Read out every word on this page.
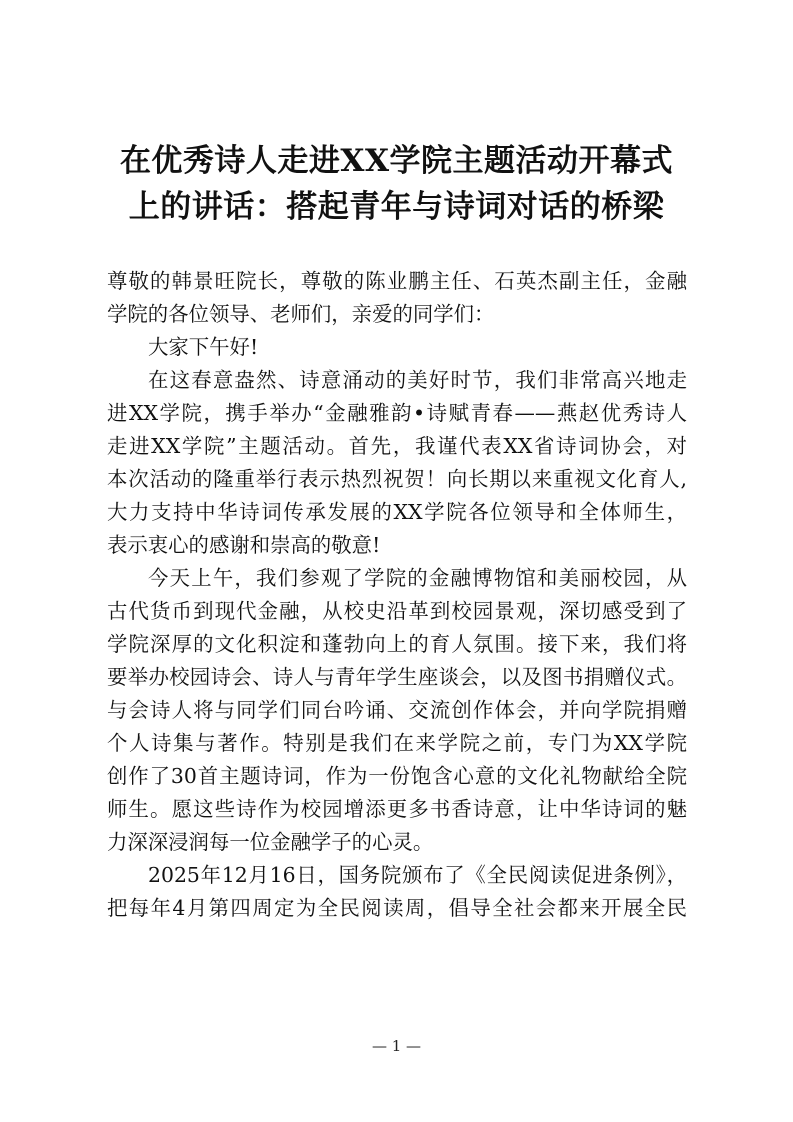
在优秀诗人走进XX学院主题活动开幕式
上的讲话：搭起青年与诗词对话的桥梁

尊敬的韩景旺院长，尊敬的陈业鹏主任、石英杰副主任，金融
学院的各位领导、老师们，亲爱的同学们：

大家下午好!

在这春意盎然、诗意涌动的美好时节，我们非常高兴地走
进XX学院，携手举办“金融雅韵•诗赋青春——燕赵优秀诗人
走进XX学院”主题活动。首先，我谨代表XX省诗词协会，对
本次活动的隆重举行表示热烈祝贺！向长期以来重视文化育人,
大力支持中华诗词传承发展的XX学院各位领导和全体师生，
表示衷心的感谢和崇高的敬意!

今天上午，我们参观了学院的金融博物馆和美丽校园，从
古代货币到现代金融，从校史沿革到校园景观，深切感受到了
学院深厚的文化积淀和蓬勃向上的育人氛围。接下来，我们将
要举办校园诗会、诗人与青年学生座谈会，以及图书捐赠仪式。
与会诗人将与同学们同台吟诵、交流创作体会，并向学院捐赠
个人诗集与著作。特别是我们在来学院之前，专门为XX学院
创作了30首主题诗词，作为一份饱含心意的文化礼物献给全院
师生。愿这些诗作为校园增添更多书香诗意，让中华诗词的魅
力深深浸润每一位金融学子的心灵。

2025年12月16日，国务院颁布了《全民阅读促进条例》，
把每年4月第四周定为全民阅读周，倡导全社会都来开展全民

— 1 —
